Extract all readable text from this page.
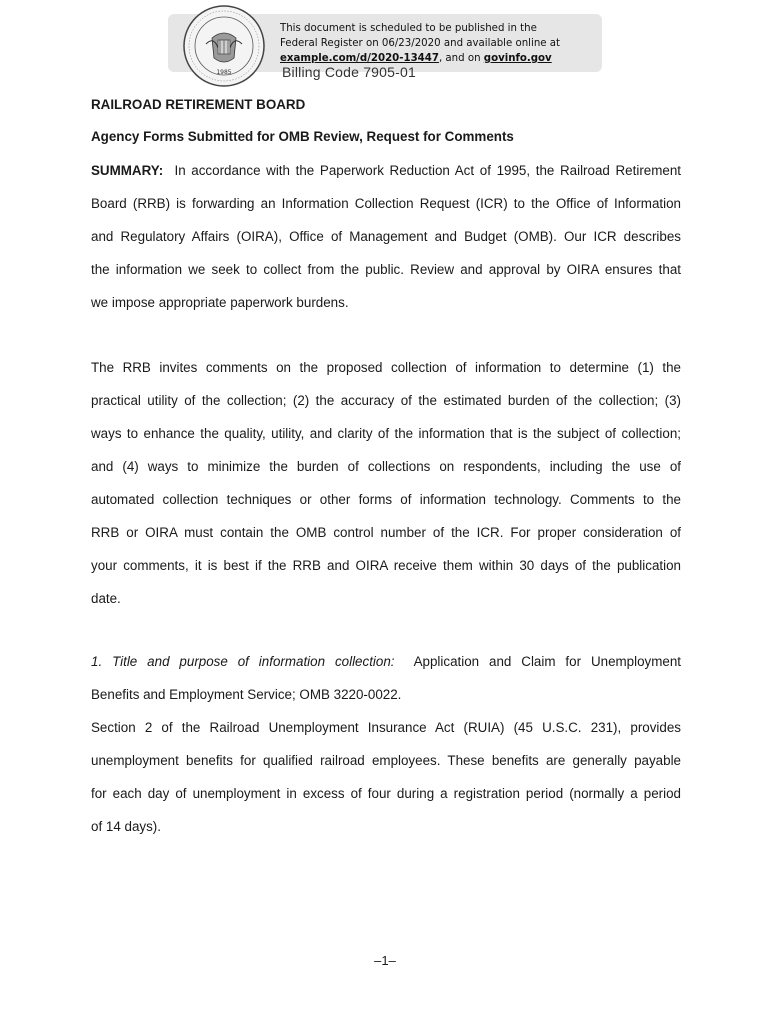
1985
This document is scheduled to be published in the
Federal Register on 06/23/2020 and available online at
example.com/d/2020-13447, and on govinfo.gov
Billing Code 7905-01

RAILROAD RETIREMENT BOARD

Agency Forms Submitted for OMB Review, Request for Comments

SUMMARY: In accordance with the Paperwork Reduction Act of 1995, the Railroad Retirement
Board (RRB) is forwarding an Information Collection Request (ICR) to the Office of Information
and Regulatory Affairs (OIRA), Office of Management and Budget (OMB). Our ICR describes
the information we seek to collect from the public. Review and approval by OIRA ensures that
we impose appropriate paperwork burdens.
The RRB invites comments on the proposed collection of information to determine (1) the
practical utility of the collection; (2) the accuracy of the estimated burden of the collection; (3)
ways to enhance the quality, utility, and clarity of the information that is the subject of collection;
and (4) ways to minimize the burden of collections on respondents, including the use of
automated collection techniques or other forms of information technology. Comments to the
RRB or OIRA must contain the OMB control number of the ICR. For proper consideration of
your comments, it is best if the RRB and OIRA receive them within 30 days of the publication
date.
1. Title and purpose of information collection: Application and Claim for Unemployment
Benefits and Employment Service; OMB 3220-0022.
Section 2 of the Railroad Unemployment Insurance Act (RUIA) (45 U.S.C. 231), provides
unemployment benefits for qualified railroad employees. These benefits are generally payable
for each day of unemployment in excess of four during a registration period (normally a period
of 14 days).
–1–
